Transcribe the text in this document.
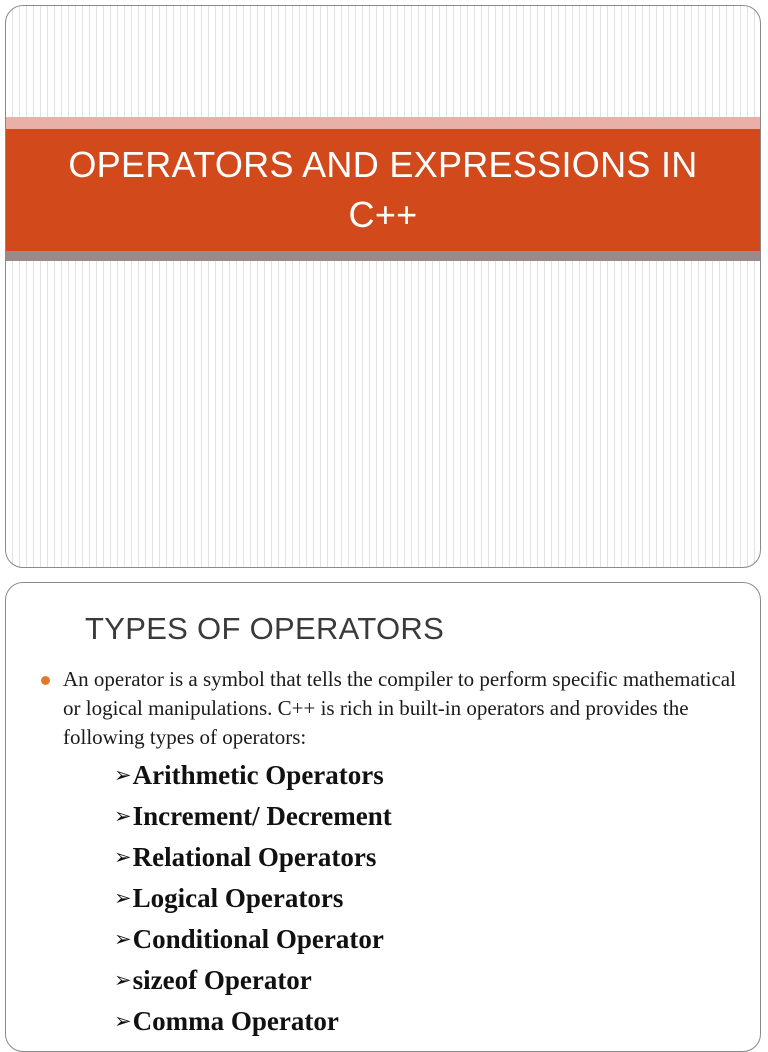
OPERATORS AND EXPRESSIONS IN C++
TYPES OF OPERATORS
An operator is a symbol that tells the compiler to perform specific mathematical or logical manipulations. C++ is rich in built-in operators and provides the following types of operators:
➢Arithmetic Operators
➢Increment/ Decrement
➢Relational Operators
➢Logical Operators
➢Conditional Operator
➢sizeof Operator
➢Comma Operator
